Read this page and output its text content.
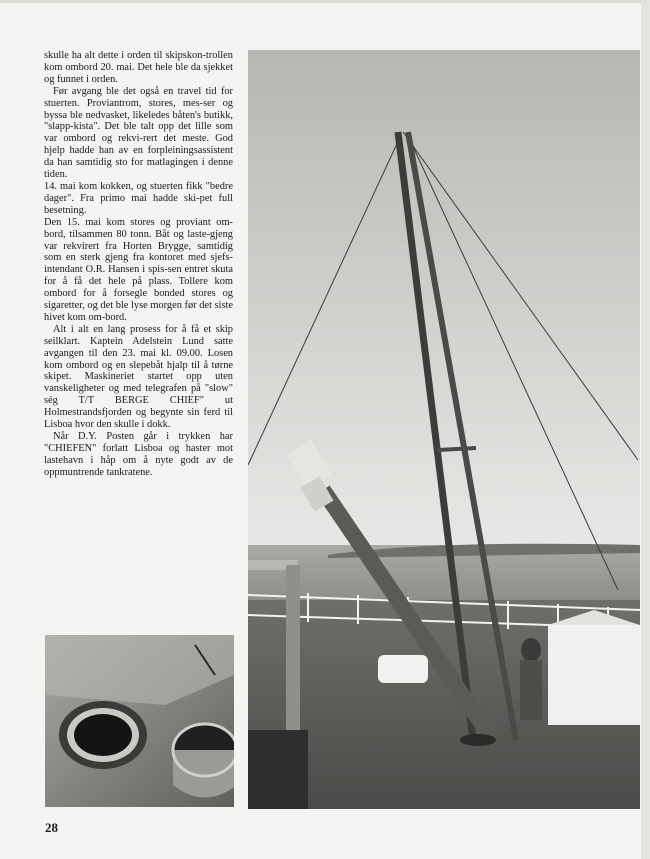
skulle ha alt dette i orden til skipskon-trollen kom ombord 20. mai. Det hele ble da sjekket og funnet i orden.

Før avgang ble det også en travel tid for stuerten. Proviantrom, stores, mes-ser og byssa ble nedvasket, likeledes båten's butikk, "slapp-kista". Det ble talt opp det lille som var ombord og rekvi-rert det meste. God hjelp hadde han av en forpleiningsassistent da han samtidig sto for matlagingen i denne tiden.

14. mai kom kokken, og stuerten fikk "bedre dager". Fra primo mai hadde ski-pet full besetning.

Den 15. mai kom stores og proviant om-bord, tilsammen 80 tonn. Båt og laste-gjeng var rekvirert fra Horten Brygge, samtidig som en sterk gjeng fra kontoret med sjefs-intendant O.R. Hansen i spis-sen entret skuta for å få det hele på plass. Tollere kom ombord for å forsegle bonded stores og sigaretter, og det ble lyse morgen før det siste hivet kom om-bord.

Alt i alt en lang prosess for å få et skip seilklart. Kaptein Adelstein Lund satte avgangen til den 23. mai kl. 09.00. Losen kom ombord og en slepebåt hjalp til å tørne skipet. Maskineriet startet opp uten vanskeligheter og med telegrafen på "slow" ség T/T BERGE CHIEF" ut Holmestrandsfjorden og begynte sin ferd til Lisboa hvor den skulle i dokk.

Når D.Y. Posten går i trykken har "CHIEFEN" forlatt Lisboa og haster mot lastehavn i håp om å nyte godt av de oppmuntrende tankratene.

28
